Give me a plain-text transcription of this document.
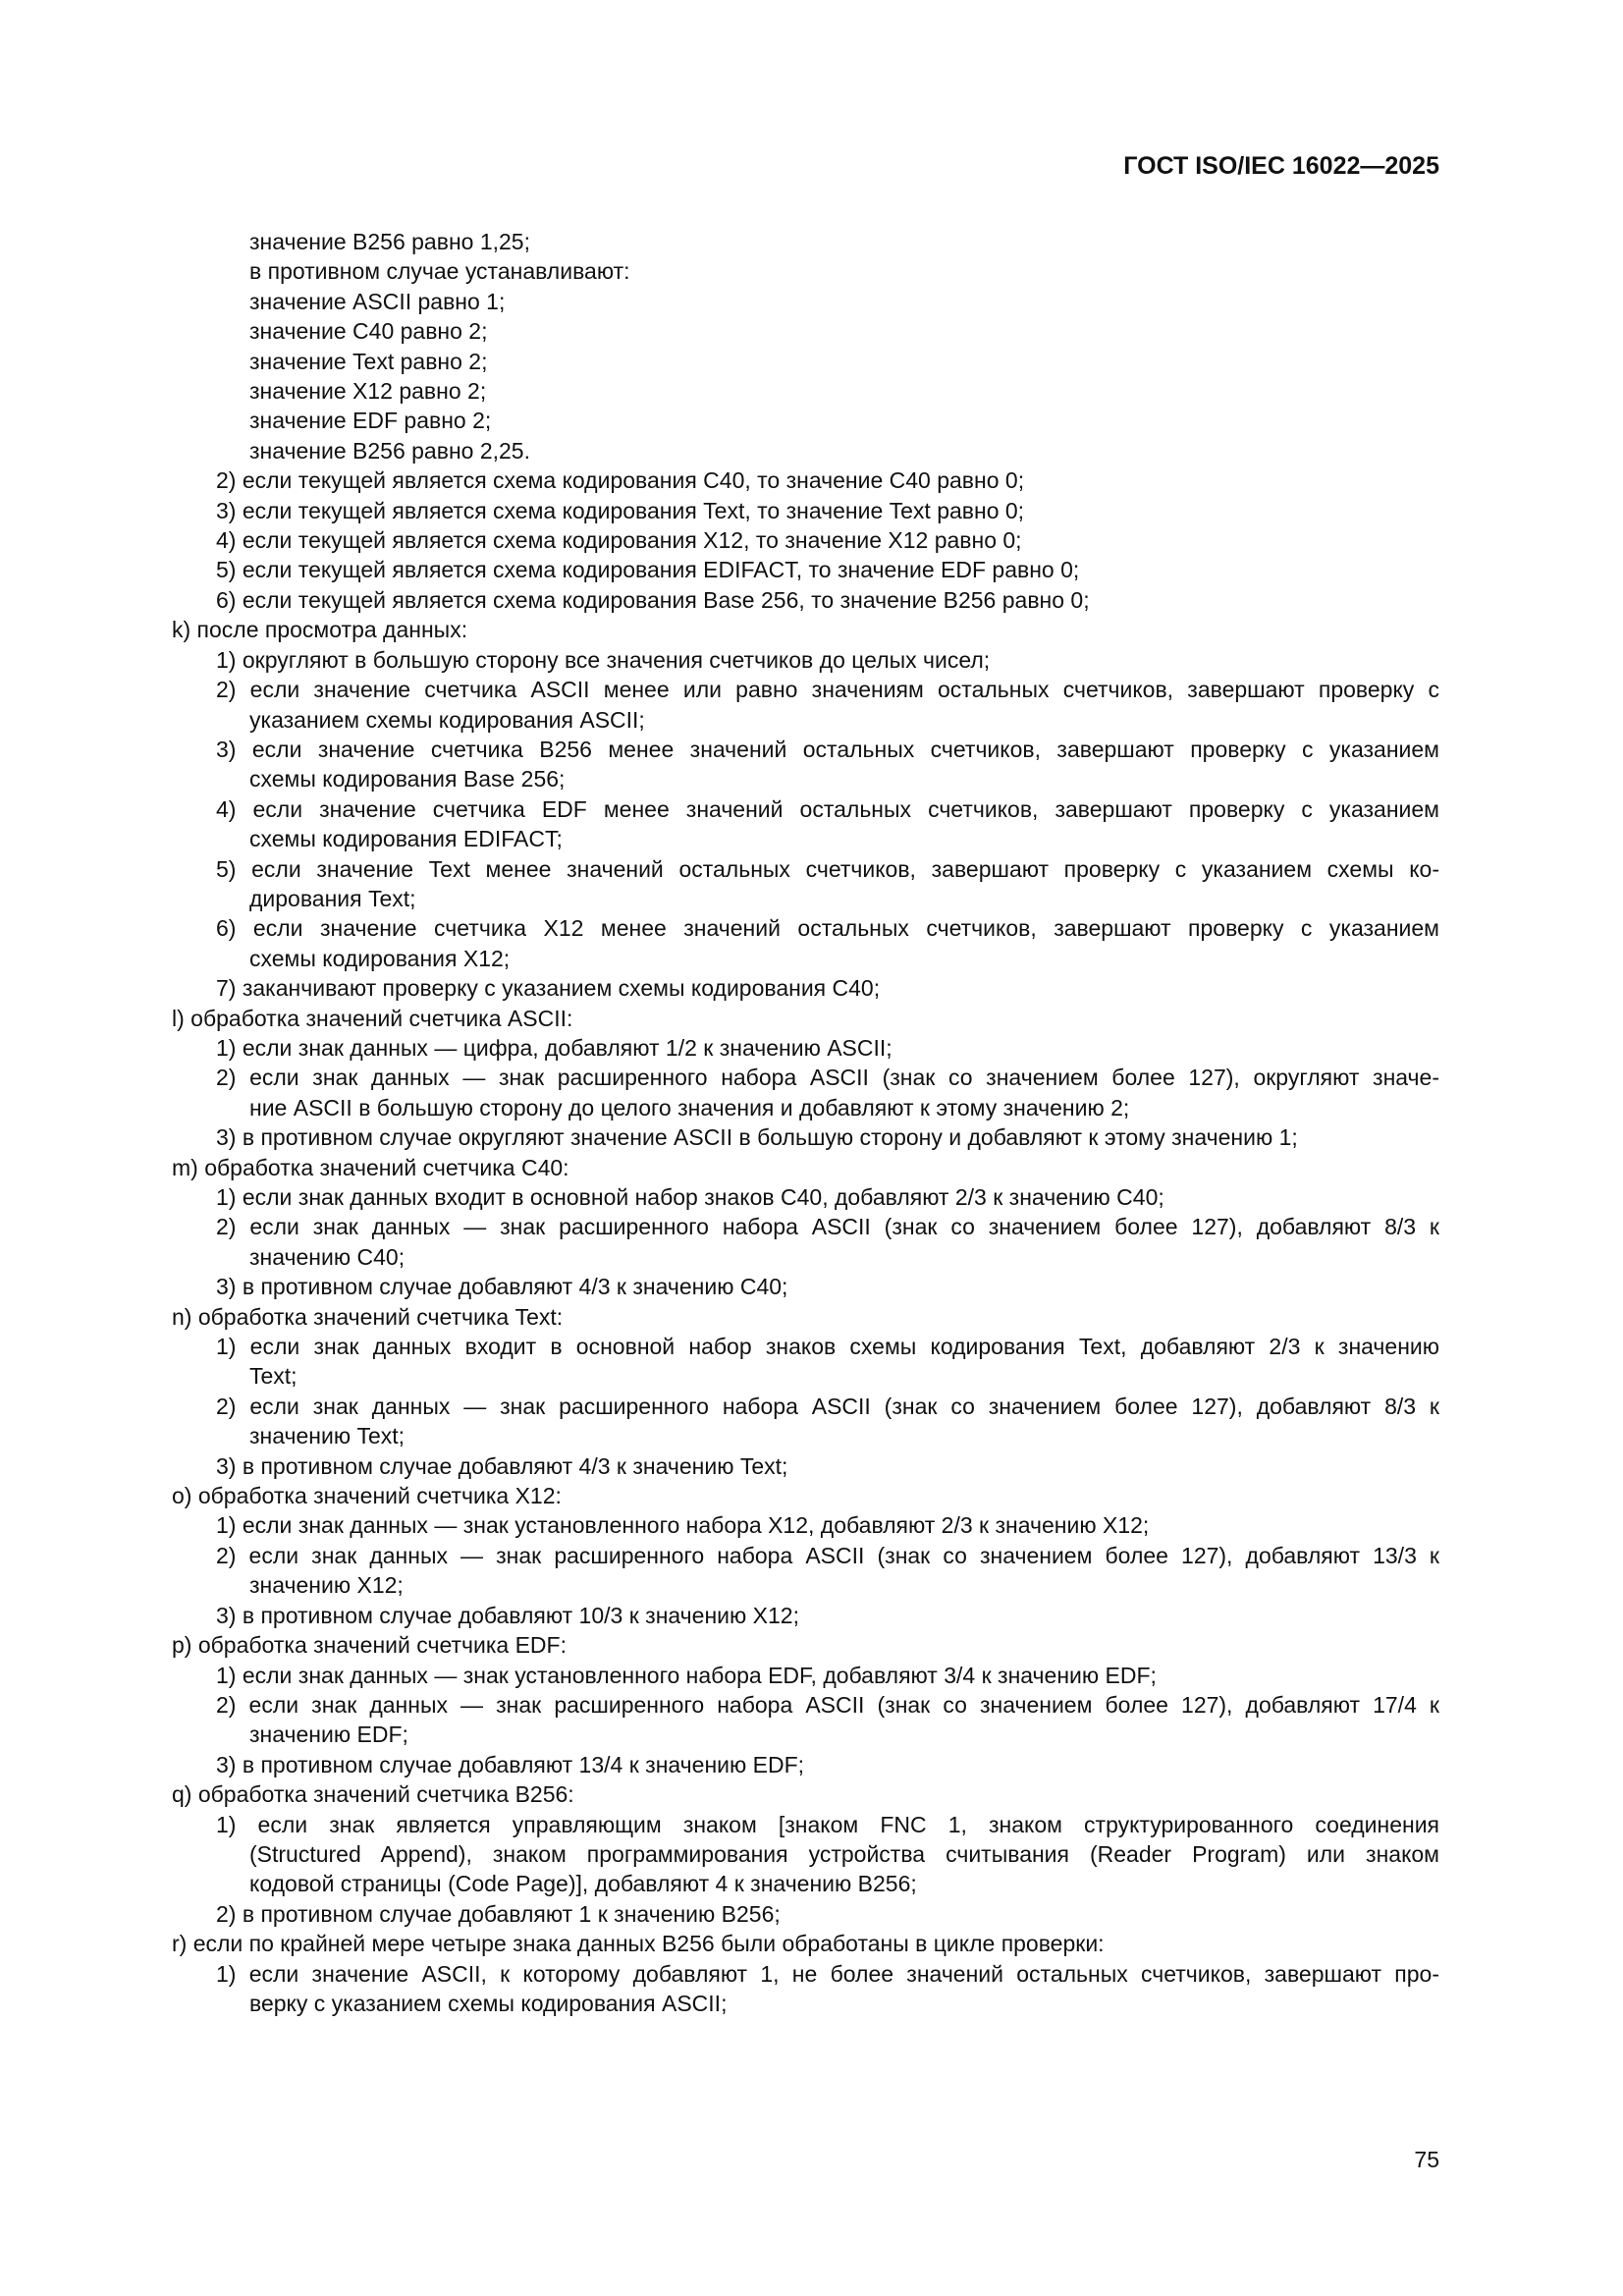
ГОСТ ISO/IEC 16022—2025
значение B256 равно 1,25;
в противном случае устанавливают:
значение ASCII равно 1;
значение C40 равно 2;
значение Text равно 2;
значение X12 равно 2;
значение EDF равно 2;
значение B256 равно 2,25.
2) если текущей является схема кодирования C40, то значение C40 равно 0;
3) если текущей является схема кодирования Text, то значение Text равно 0;
4) если текущей является схема кодирования X12, то значение X12 равно 0;
5) если текущей является схема кодирования EDIFACT, то значение EDF равно 0;
6) если текущей является схема кодирования Base 256, то значение B256 равно 0;
k) после просмотра данных:
1) округляют в большую сторону все значения счетчиков до целых чисел;
2) если значение счетчика ASCII менее или равно значениям остальных счетчиков, завершают проверку с
указанием схемы кодирования ASCII;
3) если значение счетчика B256 менее значений остальных счетчиков, завершают проверку с указанием
схемы кодирования Base 256;
4) если значение счетчика EDF менее значений остальных счетчиков, завершают проверку с указанием
схемы кодирования EDIFACT;
5) если значение Text менее значений остальных счетчиков, завершают проверку с указанием схемы ко-
дирования Text;
6) если значение счетчика X12 менее значений остальных счетчиков, завершают проверку с указанием
схемы кодирования X12;
7) заканчивают проверку с указанием схемы кодирования C40;
l) обработка значений счетчика ASCII:
1) если знак данных — цифра, добавляют 1/2 к значению ASCII;
2) если знак данных — знак расширенного набора ASCII (знак со значением более 127), округляют значе-
ние ASCII в большую сторону до целого значения и добавляют к этому значению 2;
3) в противном случае округляют значение ASCII в большую сторону и добавляют к этому значению 1;
m) обработка значений счетчика C40:
1) если знак данных входит в основной набор знаков C40, добавляют 2/3 к значению C40;
2) если знак данных — знак расширенного набора ASCII (знак со значением более 127), добавляют 8/3 к
значению C40;
3) в противном случае добавляют 4/3 к значению C40;
n) обработка значений счетчика Text:
1) если знак данных входит в основной набор знаков схемы кодирования Text, добавляют 2/3 к значению
Text;
2) если знак данных — знак расширенного набора ASCII (знак со значением более 127), добавляют 8/3 к
значению Text;
3) в противном случае добавляют 4/3 к значению Text;
o) обработка значений счетчика X12:
1) если знак данных — знак установленного набора X12, добавляют 2/3 к значению X12;
2) если знак данных — знак расширенного набора ASCII (знак со значением более 127), добавляют 13/3 к
значению X12;
3) в противном случае добавляют 10/3 к значению X12;
p) обработка значений счетчика EDF:
1) если знак данных — знак установленного набора EDF, добавляют 3/4 к значению EDF;
2) если знак данных — знак расширенного набора ASCII (знак со значением более 127), добавляют 17/4 к
значению EDF;
3) в противном случае добавляют 13/4 к значению EDF;
q) обработка значений счетчика B256:
1) если знак является управляющим знаком [знаком FNC 1, знаком структурированного соединения
(Structured Append), знаком программирования устройства считывания (Reader Program) или знаком
кодовой страницы (Code Page)], добавляют 4 к значению B256;
2) в противном случае добавляют 1 к значению B256;
r) если по крайней мере четыре знака данных B256 были обработаны в цикле проверки:
1) если значение ASCII, к которому добавляют 1, не более значений остальных счетчиков, завершают про-
верку с указанием схемы кодирования ASCII;
75
